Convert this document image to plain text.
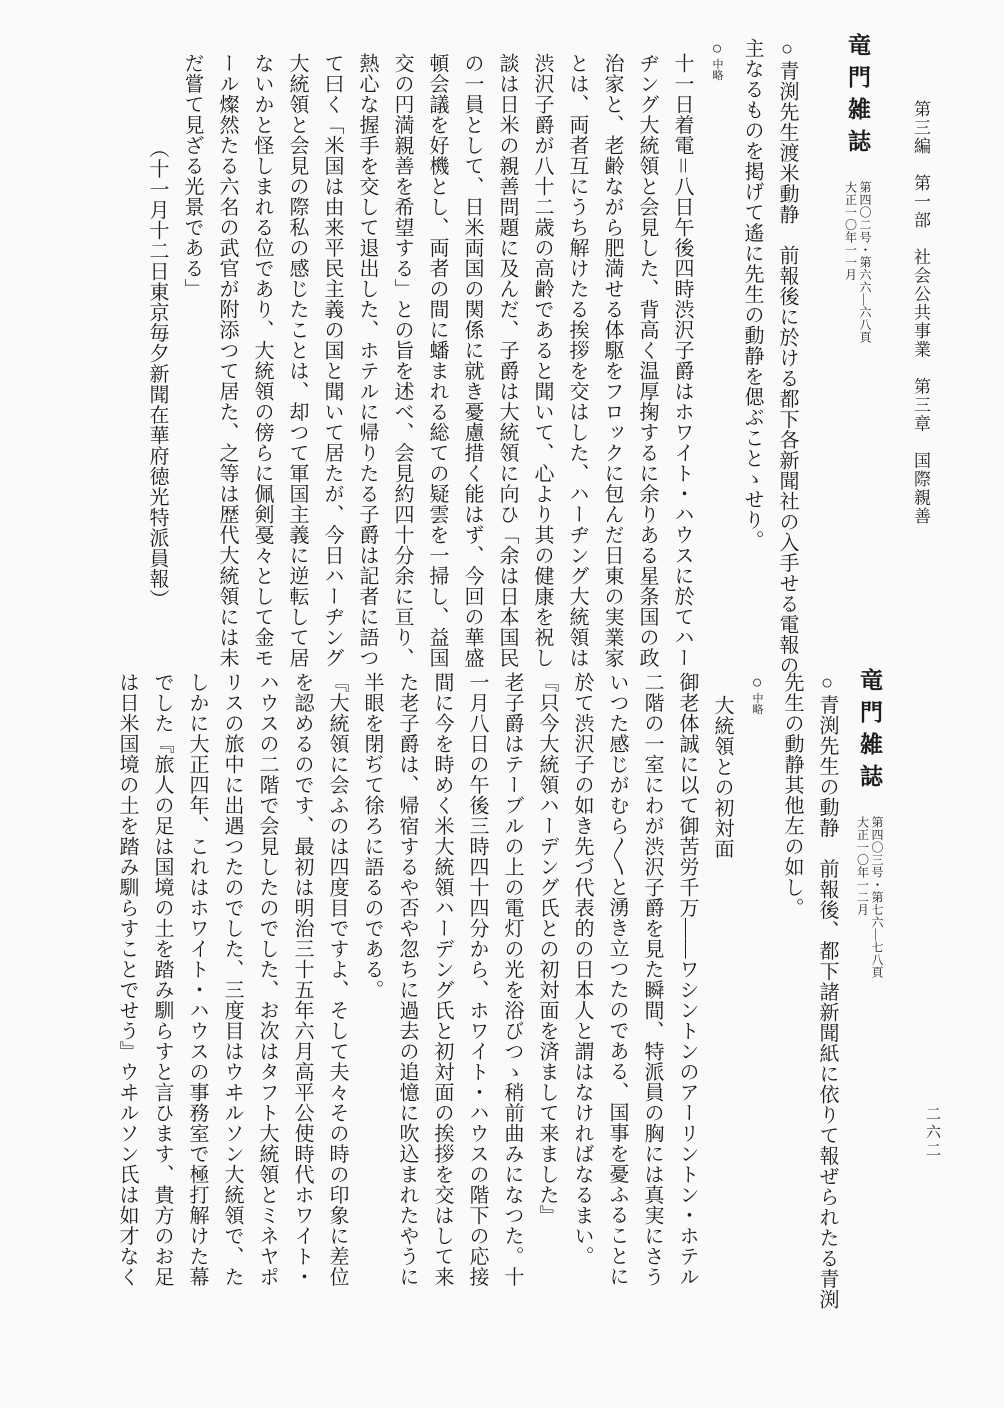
第三編　第一部　社会公共事業　第三章　国際親善
二六二
竜門雑誌

第四〇二号・第六六―六八頁

大正一〇年一一月

○青渕先生渡米動静　前報後に於ける都下各新聞社の入手せる電報の

主なるものを掲げて遙に先生の動静を偲ぶことゝせり。

○中略

十一日着電＝八日午後四時渋沢子爵はホワイト・ハウスに於てハー

ヂング大統領と会見した、背高く温厚掬するに余りある星条国の政

治家と、老齢ながら肥満せる体駆をフロックに包んだ日東の実業家

とは、両者互にうち解けたる挨拶を交はした、ハーヂング大統領は

渋沢子爵が八十二歳の高齢であると聞いて、心より其の健康を祝し

談は日米の親善問題に及んだ、子爵は大統領に向ひ「余は日本国民

の一員として、日米両国の関係に就き憂慮措く能はず、今回の華盛

頓会議を好機とし、両者の間に蟠まれる総ての疑雲を一掃し、益国

交の円満親善を希望する」との旨を述べ、会見約四十分余に亘り、

熱心な握手を交して退出した、ホテルに帰りたる子爵は記者に語つ

て曰く「米国は由来平民主義の国と聞いて居たが、今日ハーヂング

大統領と会見の際私の感じたことは、却つて軍国主義に逆転して居

ないかと怪しまれる位であり、大統領の傍らに佩剣戞々として金モ

ール燦然たる六名の武官が附添つて居た、之等は歴代大統領には未

だ嘗て見ざる光景である」

（十一月十二日東京毎夕新聞在華府徳光特派員報）

竜門雑誌

第四〇三号・第七六―七八頁

大正一〇年一二月

○青渕先生の動静　前報後、都下諸新聞紙に依りて報ぜられたる青渕

先生の動静其他左の如し。

○中略

大統領との初対面

御老体誠に以て御苦労千万――ワシントンのアーリントン・ホテル

二階の一室にわが渋沢子爵を見た瞬間、特派員の胸には真実にさう

いつた感じがむら〳〵と湧き立つたのである、国事を憂ふることに

於て渋沢子の如き先づ代表的の日本人と謂はなければなるまい。

『只今大統領ハーデング氏との初対面を済まして来ました』

老子爵はテーブルの上の電灯の光を浴びつゝ稍前曲みになつた。十

一月八日の午後三時四十四分から、ホワイト・ハウスの階下の応接

間に今を時めく米大統領ハーデング氏と初対面の挨拶を交はして来

た老子爵は、帰宿するや否や忽ちに過去の追憶に吹込まれたやうに

半眼を閉ぢて徐ろに語るのである。

『大統領に会ふのは四度目ですよ、そして夫々その時の印象に差位

を認めるのです、最初は明治三十五年六月高平公使時代ホワイト・

ハウスの二階で会見したのでした、お次はタフト大統領とミネヤポ

リスの旅中に出遇つたのでした、三度目はウヰルソン大統領で、た

しかに大正四年、これはホワイト・ハウスの事務室で極打解けた幕

でした『旅人の足は国境の土を踏み馴らすと言ひます、貴方のお足

は日米国境の土を踏み馴らすことでせう』ウヰルソン氏は如才なく
